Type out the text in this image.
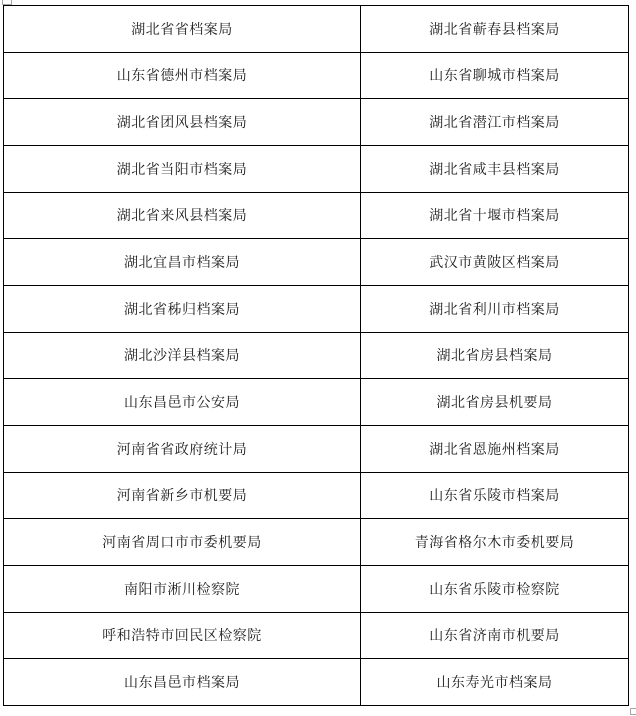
湖北省省档案局	湖北省蕲春县档案局
山东省德州市档案局	山东省聊城市档案局
湖北省团风县档案局	湖北省潜江市档案局
湖北省当阳市档案局	湖北省咸丰县档案局
湖北省来风县档案局	湖北省十堰市档案局
湖北宜昌市档案局	武汉市黄陂区档案局
湖北省秭归档案局	湖北省利川市档案局
湖北沙洋县档案局	湖北省房县档案局
山东昌邑市公安局	湖北省房县机要局
河南省省政府统计局	湖北省恩施州档案局
河南省新乡市机要局	山东省乐陵市档案局
河南省周口市市委机要局	青海省格尔木市委机要局
南阳市淅川检察院	山东省乐陵市检察院
呼和浩特市回民区检察院	山东省济南市机要局
山东昌邑市档案局	山东寿光市档案局
